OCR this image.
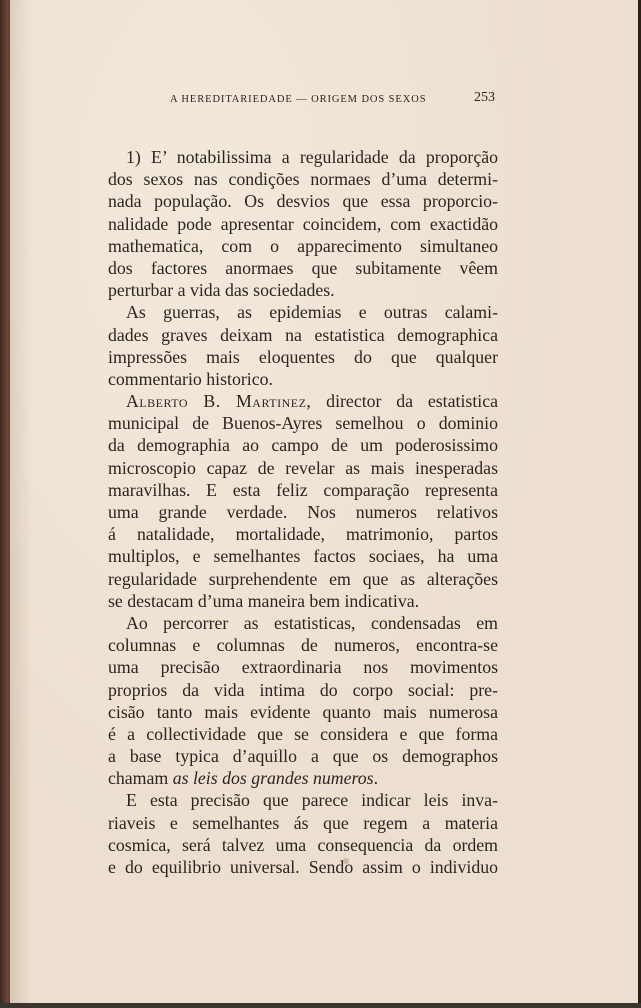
A HEREDITARIEDADE — ORIGEM DOS SEXOS	253
1) E’ notabilissima a regularidade da proporção
dos sexos nas condições normaes d’uma determi-
nada população. Os desvios que essa proporcio-
nalidade pode apresentar coincidem, com exactidão
mathematica, com o apparecimento simultaneo
dos factores anormaes que subitamente vêem
perturbar a vida das sociedades.
As guerras, as epidemias e outras calami-
dades graves deixam na estatistica demographica
impressões mais eloquentes do que qualquer
commentario historico.
Alberto B. Martinez, director da estatistica
municipal de Buenos-Ayres semelhou o dominio
da demographia ao campo de um poderosissimo
microscopio capaz de revelar as mais inesperadas
maravilhas. E esta feliz comparação representa
uma grande verdade. Nos numeros relativos
á natalidade, mortalidade, matrimonio, partos
multiplos, e semelhantes factos sociaes, ha uma
regularidade surprehendente em que as alterações
se destacam d’uma maneira bem indicativa.
Ao percorrer as estatisticas, condensadas em
columnas e columnas de numeros, encontra-se
uma precisão extraordinaria nos movimentos
proprios da vida intima do corpo social: pre-
cisão tanto mais evidente quanto mais numerosa
é a collectividade que se considera e que forma
a base typica d’aquillo a que os demographos
chamam as leis dos grandes numeros.
E esta precisão que parece indicar leis inva-
riaveis e semelhantes ás que regem a materia
cosmica, será talvez uma consequencia da ordem
e do equilibrio universal. Sendo assim o individuo
